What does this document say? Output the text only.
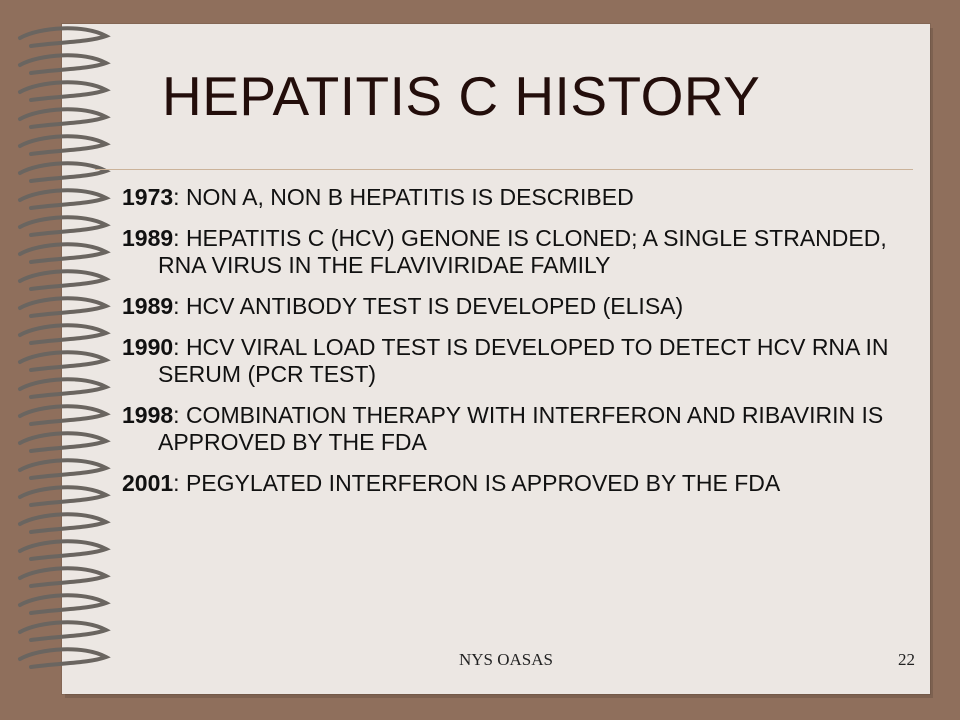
HEPATITIS C HISTORY
1973: NON A, NON B HEPATITIS IS DESCRIBED
1989: HEPATITIS C (HCV) GENONE IS CLONED; A SINGLE STRANDED, RNA VIRUS IN THE FLAVIVIRIDAE FAMILY
1989: HCV ANTIBODY TEST IS DEVELOPED (ELISA)
1990: HCV VIRAL LOAD TEST IS DEVELOPED TO DETECT HCV RNA IN SERUM (PCR TEST)
1998: COMBINATION THERAPY WITH INTERFERON AND RIBAVIRIN IS APPROVED BY THE FDA
2001: PEGYLATED INTERFERON IS APPROVED BY THE FDA
NYS OASAS	22
